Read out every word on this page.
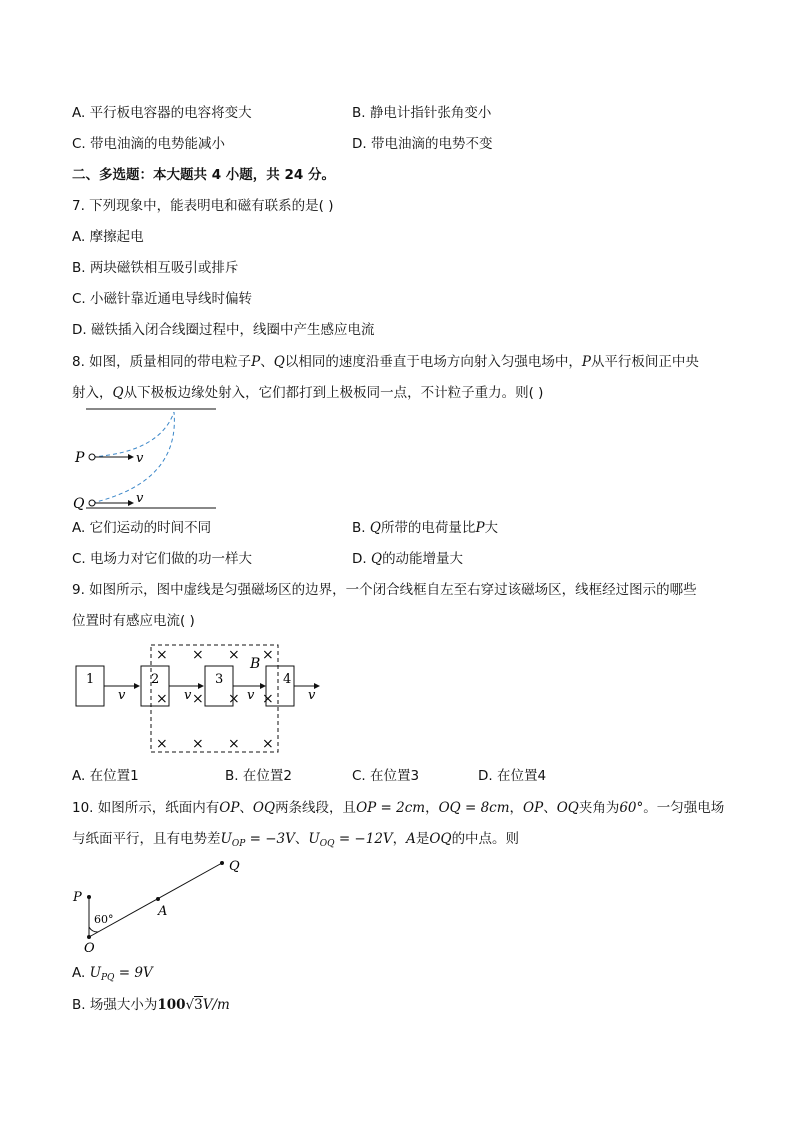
A. 平行板电容器的电容将变大	B. 静电计指针张角变小
C. 带电油滴的电势能减小	D. 带电油滴的电势不变
二、多选题：本大题共 4 小题，共 24 分。
7. 下列现象中，能表明电和磁有联系的是( )
A. 摩擦起电
B. 两块磁铁相互吸引或排斥
C. 小磁针靠近通电导线时偏转
D. 磁铁插入闭合线圈过程中，线圈中产生感应电流
8. 如图，质量相同的带电粒子P、Q以相同的速度沿垂直于电场方向射入匀强电场中，P从平行板间正中央
射入，Q从下极板边缘处射入，它们都打到上极板同一点，不计粒子重力。则( )
P
Q
v
v
A. 它们运动的时间不同	B. Q所带的电荷量比P大
C. 电场力对它们做的功一样大	D. Q的动能增量大
9. 如图所示，图中虚线是匀强磁场区的边界，一个闭合线框自左至右穿过该磁场区，线框经过图示的哪些
位置时有感应电流( )
× × × ×
× × × ×
× × × ×
B
1	2	3	4
v	v	v	v
A. 在位置1	B. 在位置2	C. 在位置3	D. 在位置4
10. 如图所示，纸面内有OP、OQ两条线段，且OP = 2cm，OQ = 8cm，OP、OQ夹角为60°。一匀强电场
与纸面平行，且有电势差$U_{OP} = -3V$、$U_{OQ} = -12V$，A是OQ的中点。则
P
Q
A
O
60°
A. $U_{PQ} = 9V$
B. 场强大小为100√3V/m
